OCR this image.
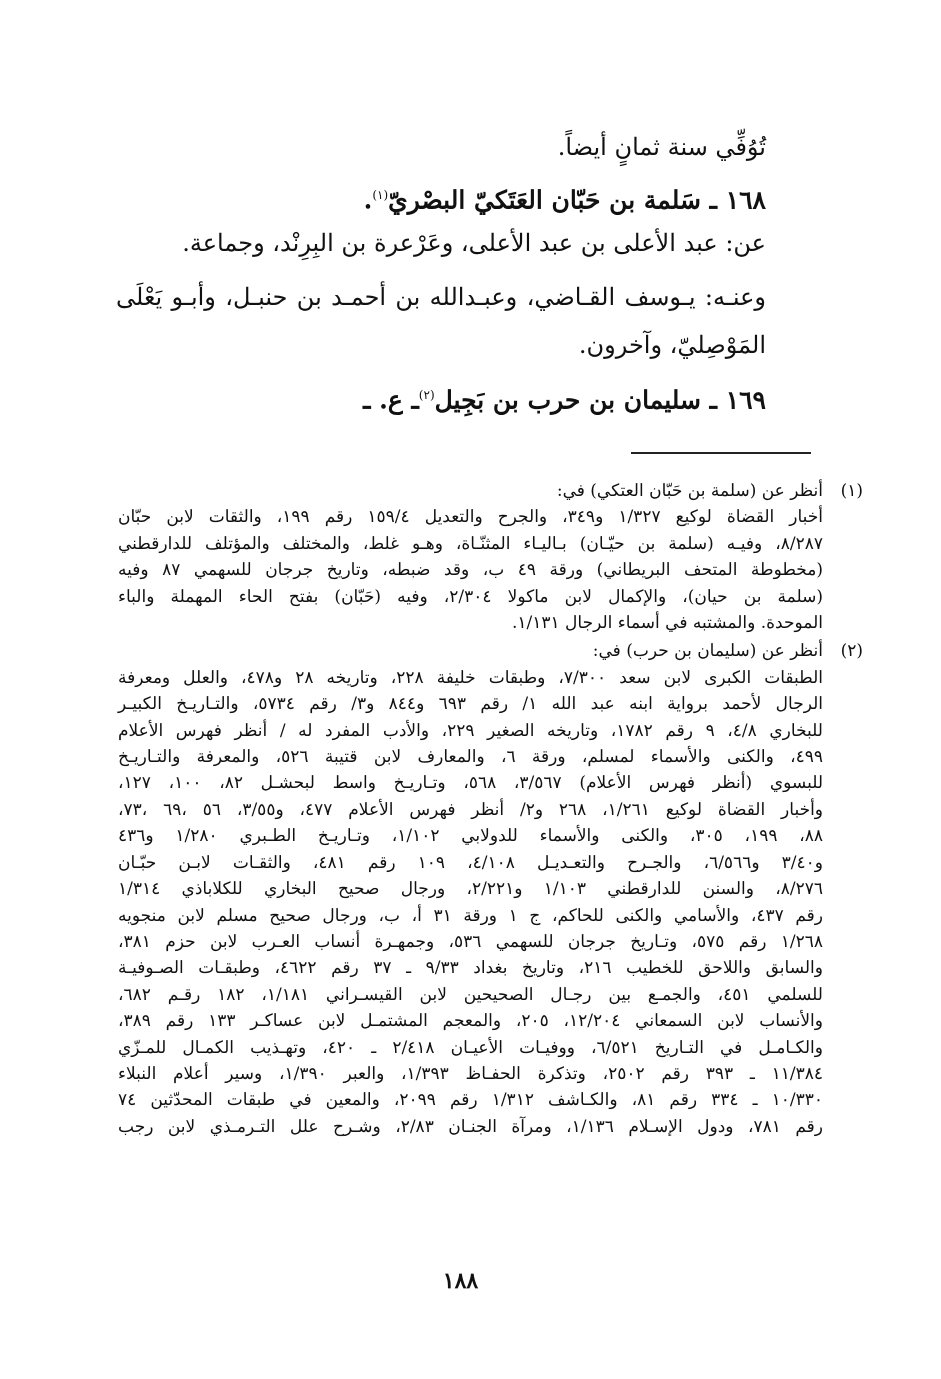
تُوُفِّي سنة ثمانٍ أيضاً.
١٦٨ ـ سَلمة بن حَبّان العَتَكيّ البصْريّ$^{(١)}$.
عن: عبد الأعلى بن عبد الأعلى، وعَرْعرة بن البِرِنْد، وجماعة.
وعنـه: يـوسف القـاضي، وعبـدالله بن أحمـد بن حنبـل، وأبـو يَعْلَى
المَوْصِليّ، وآخرون.
١٦٩ ـ سليمان بن حرب بن بَجِيل$^{(٢)}$ـ ع. ـ
(١)
أنظر عن (سلمة بن حَبّان العتكي) في:
أخبار القضاة لوكيع ١/٣٢٧ و٣٤٩، والجرح والتعديل ١٥٩/٤ رقم ١٩٩، والثقات لابن حبّان
٨/٢٨٧، وفيـه (سلمة بن حيّـان) بـاليـاء المثنّـاة، وهـو غلط، والمختلف والمؤتلف للدارقطني
(مخطوطة المتحف البريطاني) ورقة ٤٩ ب، وقد ضبطه، وتاريخ جرجان للسهمي ٨٧ وفيه
(سلمة بن حيان)، والإكمال لابن ماكولا ٢/٣٠٤، وفيه (حَبّان) بفتح الحاء المهملة والباء
الموحدة. والمشتبه في أسماء الرجال ١/١٣١.
(٢)
أنظر عن (سليمان بن حرب) في:
الطبقات الكبرى لابن سعد ٧/٣٠٠، وطبقات خليفة ٢٢٨، وتاريخه ٢٨ و٤٧٨، والعلل ومعرفة
الرجال لأحمد برواية ابنه عبد الله ١/ رقم ٦٩٣ و٨٤٤ و٣/ رقم ٥٧٣٤، والتـاريـخ الكبيـر
للبخاري ٤/٨، ٩ رقم ١٧٨٢، وتاريخه الصغير ٢٢٩، والأدب المفرد له / أنظر فهرس الأعلام
٤٩٩، والكنى والأسماء لمسلم، ورقة ٦، والمعارف لابن قتيبة ٥٢٦، والمعرفة والتـاريـخ
للبسوي (أنظر فهرس الأعلام) ٣/٥٦٧، ٥٦٨، وتـاريـخ واسط لبحشـل ٨٢، ١٠٠، ١٢٧،
وأخبار القضاة لوكيع ١/٢٦١، ٢٦٨ و٢/ أنظر فهرس الأعلام ٤٧٧، و٣/٥٥، ٥٦ ،٦٩ ،٧٣،
٨٨، ١٩٩، ٣٠٥، والكنى والأسماء للدولابي ١/١٠٢، وتـاريـخ الطـبري ١/٢٨٠ و٤٣٦
و٣/٤٠ و٦/٥٦٦، والجـرح والتعـديـل ٤/١٠٨، ١٠٩ رقم ٤٨١، والثقـات لابـن حبّـان
٨/٢٧٦، والسنن للدارقطني ١/١٠٣ و٢/٢٢١، ورجال صحيح البخاري للكلاباذي ١/٣١٤
رقم ٤٣٧، والأسامي والكنى للحاكم، ج ١ ورقة ٣١ أ، ب، ورجال صحيح مسلم لابن منجويه
١/٢٦٨ رقم ٥٧٥، وتـاريخ جرجان للسهمي ٥٣٦، وجمهـرة أنساب العـرب لابن حزم ٣٨١،
والسابق واللاحق للخطيب ٢١٦، وتاريخ بغداد ٩/٣٣ ـ ٣٧ رقم ٤٦٢٢، وطبقـات الصـوفيـة
للسلمي ٤٥١، والجمـع بين رجـال الصحيحين لابن القيسـراني ١/١٨١، ١٨٢ رقـم ٦٨٢،
والأنساب لابن السمعاني ١٢/٢٠٤، ٢٠٥، والمعجم المشتمـل لابن عساكـر ١٣٣ رقم ٣٨٩،
والكـامـل في التـاريخ ٦/٥٢١، ووفيـات الأعيـان ٢/٤١٨ ـ ٤٢٠، وتهـذيب الكمـال للمـزّي
١١/٣٨٤ ـ ٣٩٣ رقم ٢٥٠٢، وتذكرة الحفـاظ ١/٣٩٣، والعبر ١/٣٩٠، وسير أعلام النبلاء
١٠/٣٣٠ ـ ٣٣٤ رقم ٨١، والكـاشف ١/٣١٢ رقم ٢٠٩٩، والمعين في طبقات المحدّثين ٧٤
رقم ٧٨١، ودول الإسـلام ١/١٣٦، ومرآة الجنـان ٢/٨٣، وشـرح علل التـرمـذي لابن رجب
١٨٨
